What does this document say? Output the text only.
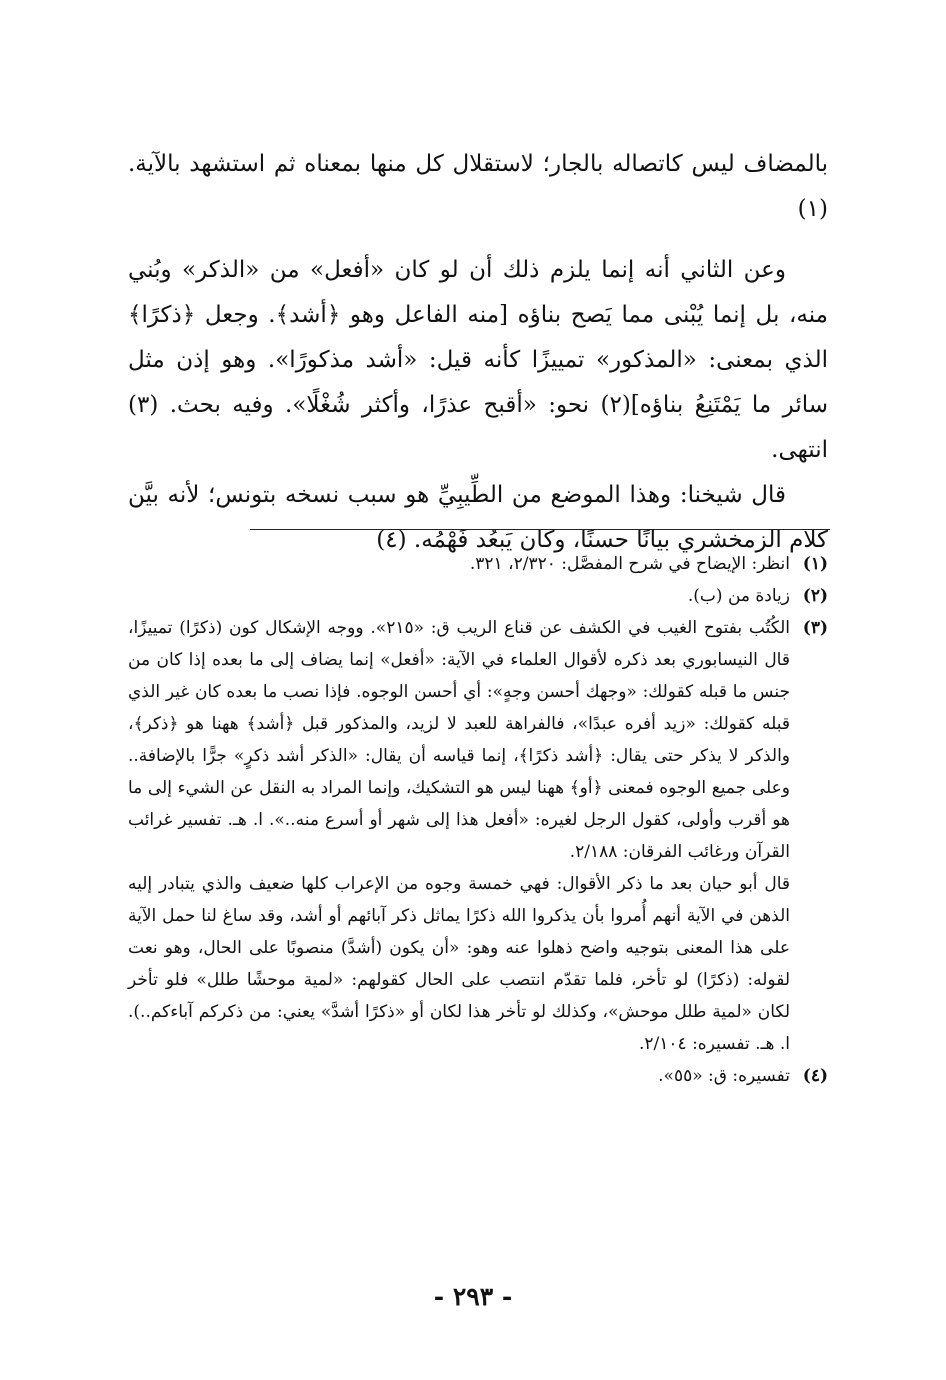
بالمضاف ليس كاتصاله بالجار؛ لاستقلال كل منها بمعناه ثم استشهد بالآية. (١)

وعن الثاني أنه إنما يلزم ذلك أن لو كان «أفعل» من «الذكر» وبُني منه، بل إنما يُبْنى مما يَصح بناؤه [منه الفاعل وهو ﴿أشد﴾. وجعل ﴿ذكرًا﴾ الذي بمعنى: «المذكور» تمييزًا كأنه قيل: «أشد مذكورًا». وهو إذن مثل سائر ما يَمْتَنِعُ بناؤه](٢) نحو: «أقبح عذرًا، وأكثر شُغْلًا». وفيه بحث. (٣) انتهى.

قال شيخنا: وهذا الموضع من الطِّيبِيِّ هو سبب نسخه بتونس؛ لأنه بيَّن كلام الزمخشري بيانًا حسنًا، وكان يَبعُد فَهْمُه. (٤)

(١)

انظر: الإيضاح في شرح المفصَّل: ٢/٣٢٠، ٣٢١.

(٢)

زيادة من (ب).

(٣)

الكُتُب بفتوح الغيب في الكشف عن قناع الريب ق: «٢١٥». ووجه الإشكال كون (ذكرًا) تمييزًا، قال النيسابوري بعد ذكره لأقوال العلماء في الآية: «أفعل» إنما يضاف إلى ما بعده إذا كان من جنس ما قبله كقولك: «وجهك أحسن وجهٍ»: أي أحسن الوجوه. فإذا نصب ما بعده كان غير الذي قبله كقولك: «زيد أفره عبدًا»، فالفراهة للعبد لا لزيد، والمذكور قبل ﴿أشد﴾ ههنا هو ﴿ذكر﴾، والذكر لا يذكر حتى يقال: ﴿أشد ذكرًا﴾، إنما قياسه أن يقال: «الذكر أشد ذكرٍ» جرًّا بالإضافة.. وعلى جميع الوجوه فمعنى ﴿أو﴾ ههنا ليس هو التشكيك، وإنما المراد به النقل عن الشيء إلى ما هو أقرب وأولى، كقول الرجل لغيره: «أفعل هذا إلى شهر أو أسرع منه..». ا. هـ. تفسير غرائب القرآن ورغائب الفرقان: ٢/١٨٨.

قال أبو حيان بعد ما ذكر الأقوال: فهي خمسة وجوه من الإعراب كلها ضعيف والذي يتبادر إليه الذهن في الآية أنهم أُمروا بأن يذكروا الله ذكرًا يماثل ذكر آبائهم أو أشد، وقد ساغ لنا حمل الآية على هذا المعنى بتوجيه واضح ذهلوا عنه وهو: «أن يكون (أشدَّ) منصوبًا على الحال، وهو نعت لقوله: (ذكرًا) لو تأخر، فلما تقدّم انتصب على الحال كقولهم: «لمية موحشًا طلل» فلو تأخر لكان «لمية طلل موحش»، وكذلك لو تأخر هذا لكان أو «ذكرًا أشدَّ» يعني: من ذكركم آباءكم..). ا. هـ. تفسيره: ٢/١٠٤.

(٤)

تفسيره: ق: «٥٥».

- ٢٩٣ -
